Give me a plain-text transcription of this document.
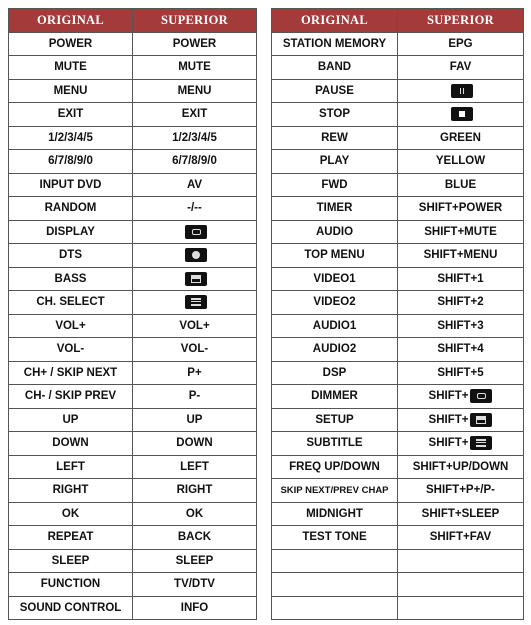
ORIGINAL	SUPERIOR
POWER	POWER
MUTE	MUTE
MENU	MENU
EXIT	EXIT
1/2/3/4/5	1/2/3/4/5
6/7/8/9/0	6/7/8/9/0
INPUT DVD	AV
RANDOM	-/--
DISPLAY	
DTS	
BASS	
CH. SELECT	
VOL+	VOL+
VOL-	VOL-
CH+ / SKIP NEXT	P+
CH- / SKIP PREV	P-
UP	UP
DOWN	DOWN
LEFT	LEFT
RIGHT	RIGHT
OK	OK
REPEAT	BACK
SLEEP	SLEEP
FUNCTION	TV/DTV
SOUND CONTROL	INFO
ORIGINAL	SUPERIOR
STATION MEMORY	EPG
BAND	FAV
PAUSE	
STOP	
REW	GREEN
PLAY	YELLOW
FWD	BLUE
TIMER	SHIFT+POWER
AUDIO	SHIFT+MUTE
TOP MENU	SHIFT+MENU
VIDEO1	SHIFT+1
VIDEO2	SHIFT+2
AUDIO1	SHIFT+3
AUDIO2	SHIFT+4
DSP	SHIFT+5
DIMMER	SHIFT+
SETUP	SHIFT+
SUBTITLE	SHIFT+
FREQ UP/DOWN	SHIFT+UP/DOWN
SKIP NEXT/PREV CHAP	SHIFT+P+/P-
MIDNIGHT	SHIFT+SLEEP
TEST TONE	SHIFT+FAV
